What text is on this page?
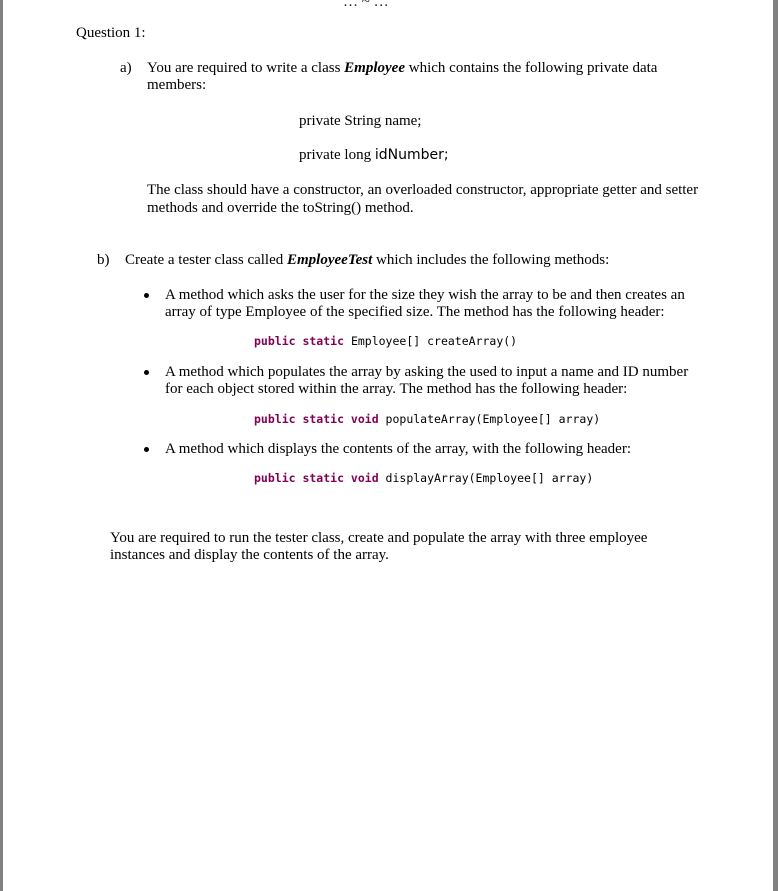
… ~ …
Question 1:
a) You are required to write a class Employee which contains the following private data
members:
private String name;
private long idNumber;
The class should have a constructor, an overloaded constructor, appropriate getter and setter
methods and override the toString() method.
b) Create a tester class called EmployeeTest which includes the following methods:
A method which asks the user for the size they wish the array to be and then creates an
array of type Employee of the specified size. The method has the following header:
public static Employee[] createArray()
A method which populates the array by asking the used to input a name and ID number
for each object stored within the array. The method has the following header:
public static void populateArray(Employee[] array)
A method which displays the contents of the array, with the following header:
public static void displayArray(Employee[] array)
You are required to run the tester class, create and populate the array with three employee
instances and display the contents of the array.
